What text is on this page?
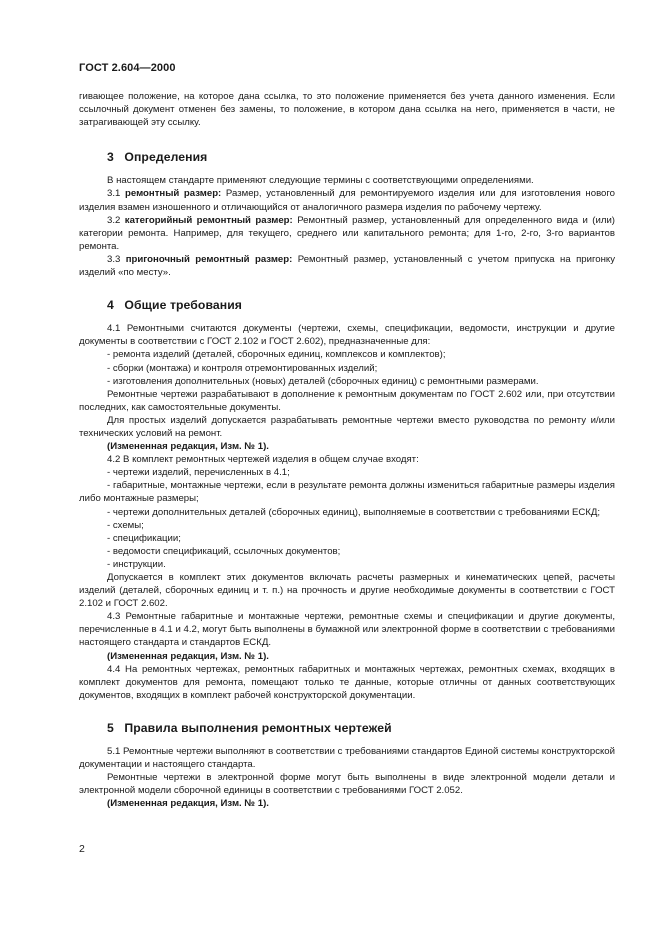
ГОСТ 2.604—2000

гивающее положение, на которое дана ссылка, то это положение применяется без учета данного изменения. Если ссылочный документ отменен без замены, то положение, в котором дана ссылка на него, применяется в части, не затрагивающей эту ссылку.

3 Определения

В настоящем стандарте применяют следующие термины с соответствующими определениями.

3.1 ремонтный размер: Размер, установленный для ремонтируемого изделия или для изготовления нового изделия взамен изношенного и отличающийся от аналогичного размера изделия по рабочему чертежу.

3.2 категорийный ремонтный размер: Ремонтный размер, установленный для определенного вида и (или) категории ремонта. Например, для текущего, среднего или капитального ремонта; для 1-го, 2-го, 3-го вариантов ремонта.

3.3 пригоночный ремонтный размер: Ремонтный размер, установленный с учетом припуска на пригонку изделий «по месту».

4 Общие требования

4.1 Ремонтными считаются документы (чертежи, схемы, спецификации, ведомости, инструкции и другие документы в соответствии с ГОСТ 2.102 и ГОСТ 2.602), предназначенные для:

- ремонта изделий (деталей, сборочных единиц, комплексов и комплектов);

- сборки (монтажа) и контроля отремонтированных изделий;

- изготовления дополнительных (новых) деталей (сборочных единиц) с ремонтными размерами.

Ремонтные чертежи разрабатывают в дополнение к ремонтным документам по ГОСТ 2.602 или, при отсутствии последних, как самостоятельные документы.

Для простых изделий допускается разрабатывать ремонтные чертежи вместо руководства по ремонту и/или технических условий на ремонт.

(Измененная редакция, Изм. № 1).

4.2 В комплект ремонтных чертежей изделия в общем случае входят:

- чертежи изделий, перечисленных в 4.1;

- габаритные, монтажные чертежи, если в результате ремонта должны измениться габаритные размеры изделия либо монтажные размеры;

- чертежи дополнительных деталей (сборочных единиц), выполняемые в соответствии с требованиями ЕСКД;

- схемы;

- спецификации;

- ведомости спецификаций, ссылочных документов;

- инструкции.

Допускается в комплект этих документов включать расчеты размерных и кинематических цепей, расчеты изделий (деталей, сборочных единиц и т. п.) на прочность и другие необходимые документы в соответствии с ГОСТ 2.102 и ГОСТ 2.602.

4.3 Ремонтные габаритные и монтажные чертежи, ремонтные схемы и спецификации и другие документы, перечисленные в 4.1 и 4.2, могут быть выполнены в бумажной или электронной форме в соответствии с требованиями настоящего стандарта и стандартов ЕСКД.

(Измененная редакция, Изм. № 1).

4.4 На ремонтных чертежах, ремонтных габаритных и монтажных чертежах, ремонтных схемах, входящих в комплект документов для ремонта, помещают только те данные, которые отличны от данных соответствующих документов, входящих в комплект рабочей конструкторской документации.

5 Правила выполнения ремонтных чертежей

5.1 Ремонтные чертежи выполняют в соответствии с требованиями стандартов Единой системы конструкторской документации и настоящего стандарта.

Ремонтные чертежи в электронной форме могут быть выполнены в виде электронной модели детали и электронной модели сборочной единицы в соответствии с требованиями ГОСТ 2.052.

(Измененная редакция, Изм. № 1).

2
